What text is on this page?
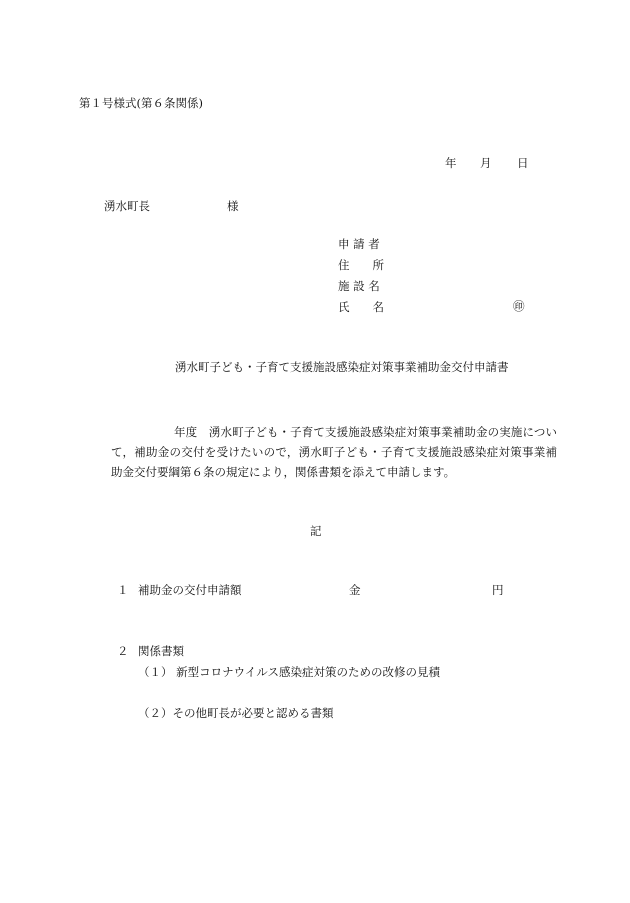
第１号様式(第６条関係)
年 月 日
湧水町長	様
申 請 者
住　　所
施 設 名
氏　　名	㊞
湧水町子ども・子育て支援施設感染症対策事業補助金交付申請書

年度　湧水町子ども・子育て支援施設感染症対策事業補助金の実施について，補助金の交付を受けたいので，湧水町子ども・子育て支援施設感染症対策事業補助金交付要綱第６条の規定により，関係書類を添えて申請します。

記
１ 補助金の交付申請額	金	円
２ 関係書類
（１） 新型コロナウイルス感染症対策のための改修の見積
（２）その他町長が必要と認める書類
